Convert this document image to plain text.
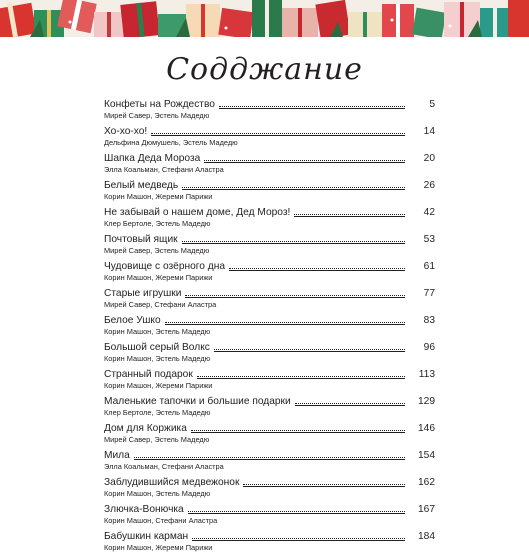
Содджание
Конфеты на Рождество	5
Мирей Савер, Эстель Мадедю
Хо-хо-хо!	14
Дельфина Дюмушель, Эстель Мадедю
Шапка Деда Мороза	20
Элла Коальман, Стефани Аластра
Белый медведь	26
Корин Машон, Жереми Парижи
Не забывай о нашем доме, Дед Мороз!	42
Клер Бертоле, Эстель Мадедю
Почтовый ящик	53
Мирей Савер, Эстель Мадедю
Чудовище с озёрного дна	61
Корин Машон, Жереми Парижи
Старые игрушки	77
Мирей Савер, Стефани Аластра
Белое Ушко	83
Корин Машон, Эстель Мадедю
Большой серый Волкс	96
Корин Машон, Эстель Мадедю
Странный подарок	113
Корин Машон, Жереми Парижи
Маленькие тапочки и большие подарки	129
Клер Бертоле, Эстель Мадедю
Дом для Коржика	146
Мирей Савер, Эстель Мадедю
Мила	154
Элла Коальман, Стефани Аластра
Заблудившийся медвежонок	162
Корин Машон, Эстель Мадедю
Злючка-Вонючка	167
Корин Машон, Стефани Аластра
Бабушкин карман	184
Корин Машон, Жереми Парижи
